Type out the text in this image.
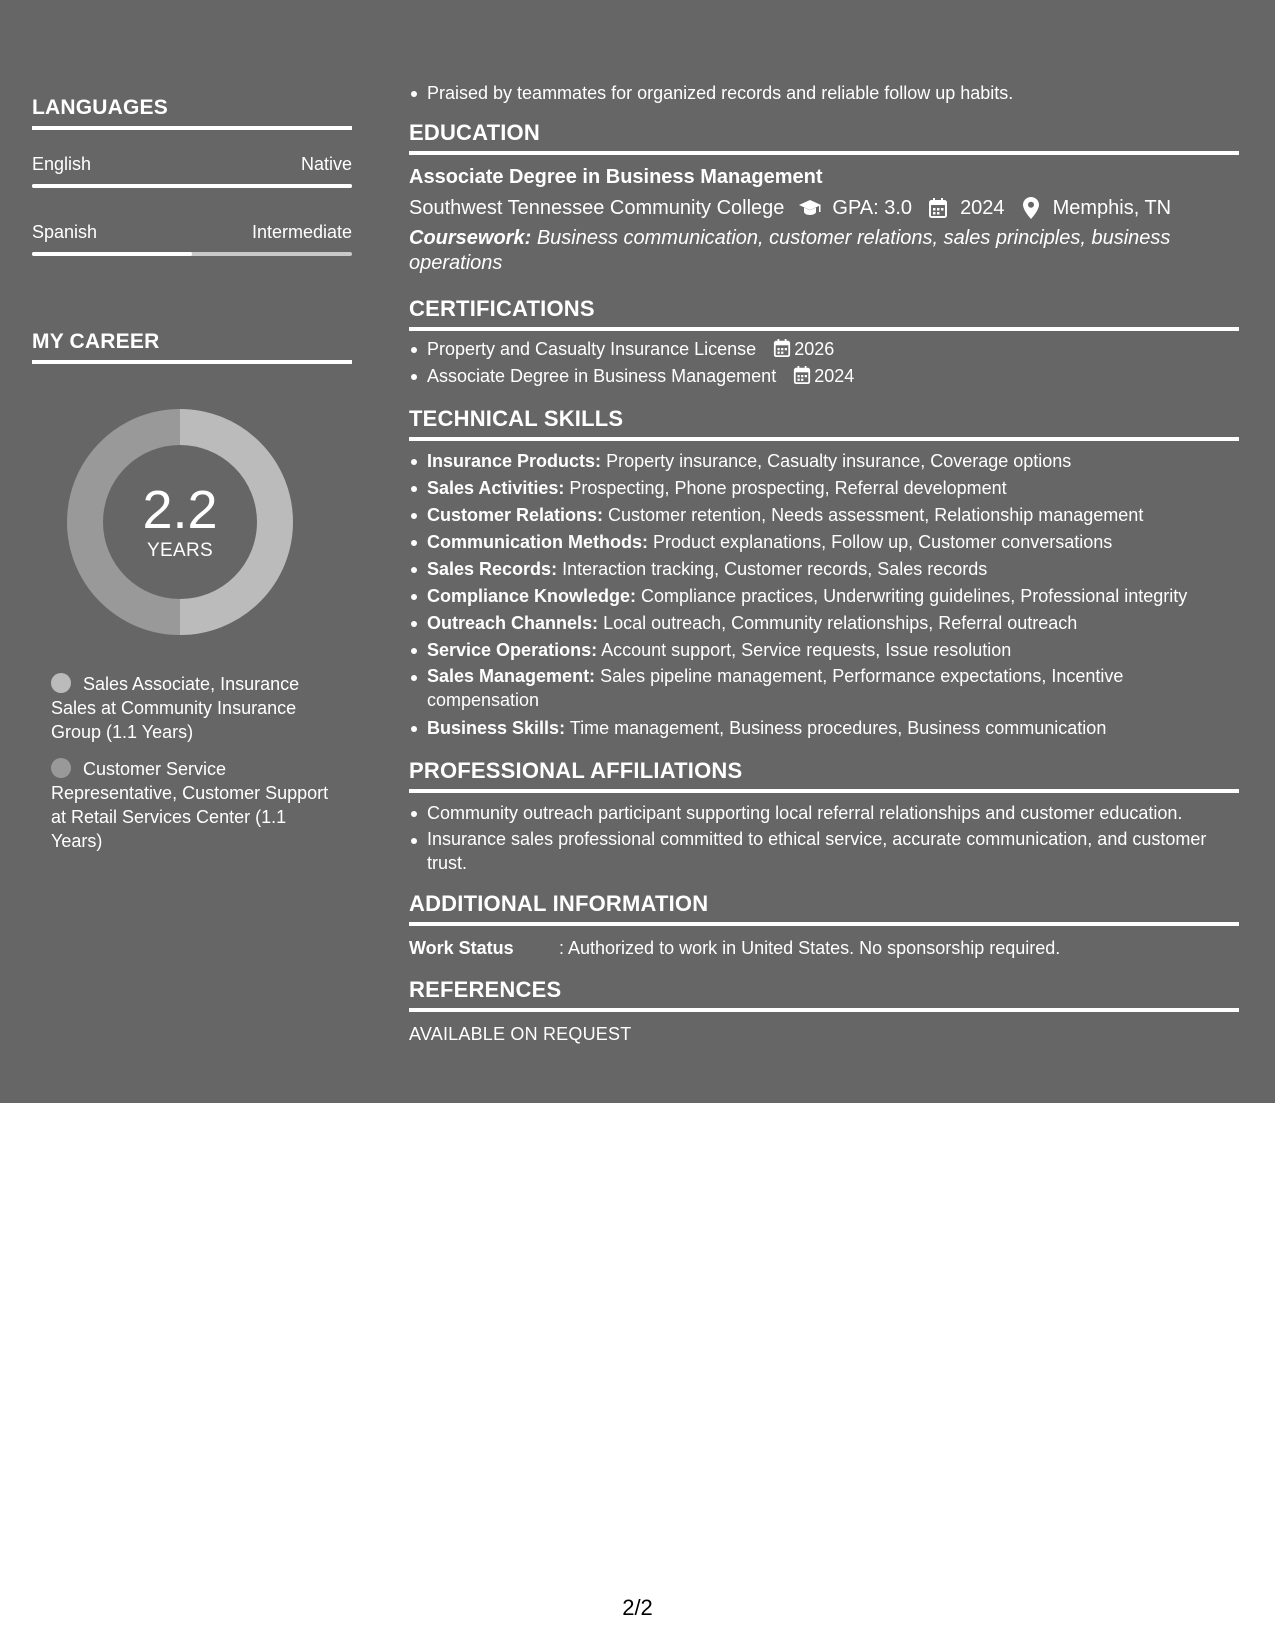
LANGUAGES
English	Native
Spanish	Intermediate
MY CAREER
2.2
YEARS
Sales Associate, Insurance Sales at Community Insurance Group (1.1 Years)
Customer Service Representative, Customer Support at Retail Services Center (1.1 Years)
Praised by teammates for organized records and reliable follow up habits.
EDUCATION
Associate Degree in Business Management
Southwest Tennessee Community College GPA: 3.0 2024 Memphis, TN
Coursework: Business communication, customer relations, sales principles, business operations
CERTIFICATIONS
Property and Casualty Insurance License 2026
Associate Degree in Business Management 2024
TECHNICAL SKILLS
Insurance Products: Property insurance, Casualty insurance, Coverage options
Sales Activities: Prospecting, Phone prospecting, Referral development
Customer Relations: Customer retention, Needs assessment, Relationship management
Communication Methods: Product explanations, Follow up, Customer conversations
Sales Records: Interaction tracking, Customer records, Sales records
Compliance Knowledge: Compliance practices, Underwriting guidelines, Professional integrity
Outreach Channels: Local outreach, Community relationships, Referral outreach
Service Operations: Account support, Service requests, Issue resolution
Sales Management: Sales pipeline management, Performance expectations, Incentive compensation
Business Skills: Time management, Business procedures, Business communication
PROFESSIONAL AFFILIATIONS
Community outreach participant supporting local referral relationships and customer education.
Insurance sales professional committed to ethical service, accurate communication, and customer trust.
ADDITIONAL INFORMATION
Work Status	: Authorized to work in United States. No sponsorship required.
REFERENCES
AVAILABLE ON REQUEST
2/2
